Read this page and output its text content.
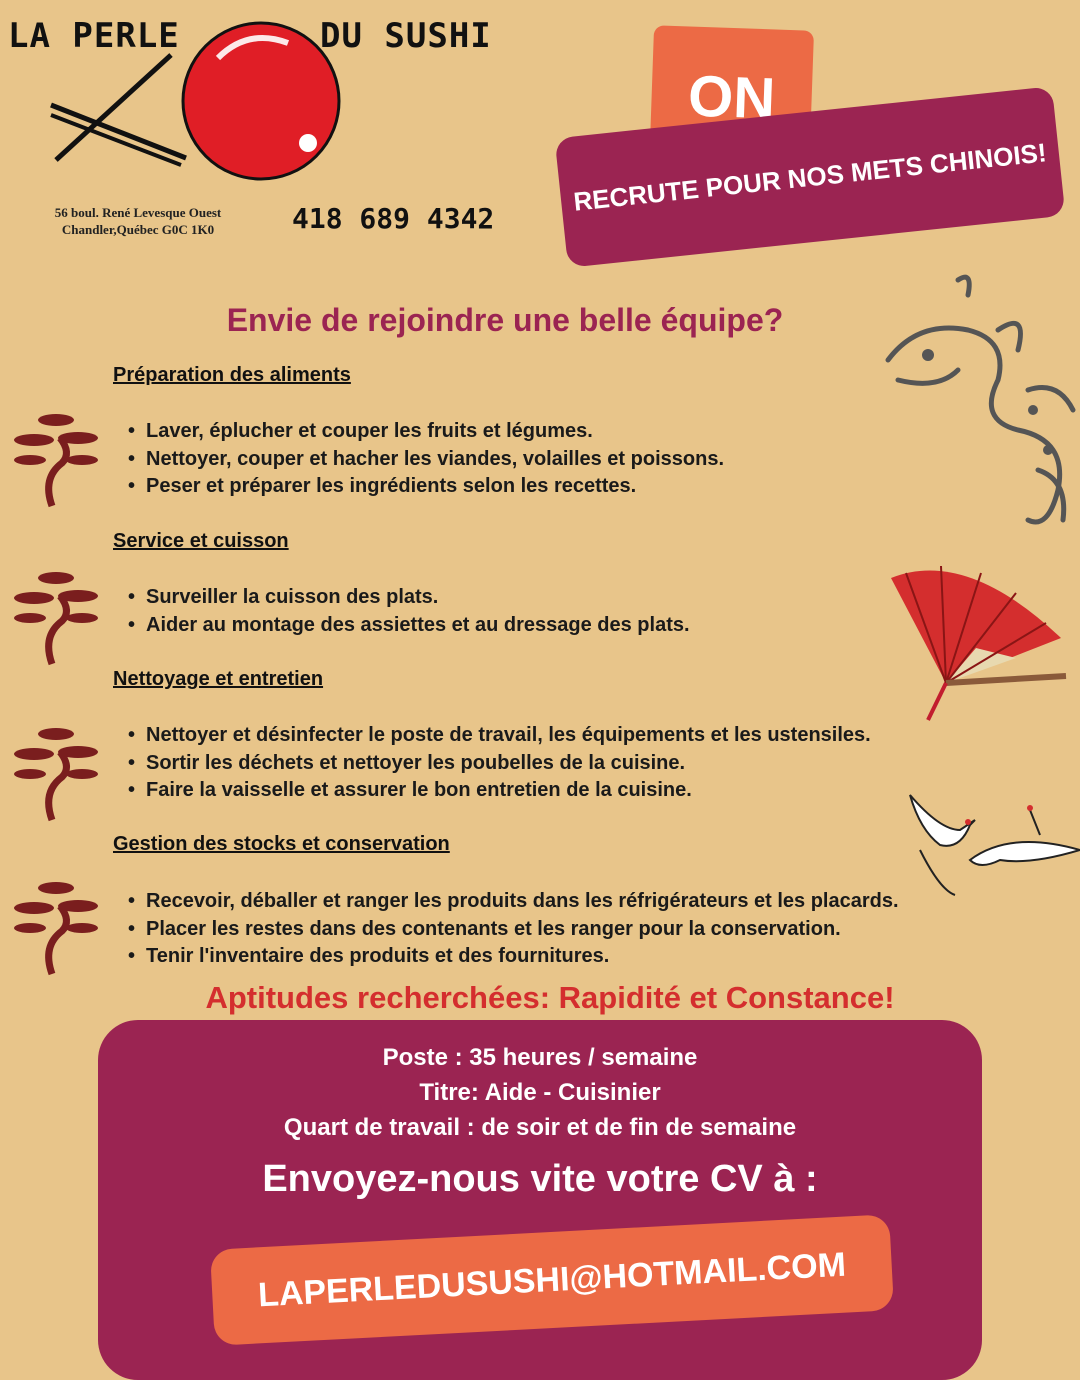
LA PERLE	DU SUSHI
56 boul. René Levesque Ouest
Chandler,Québec G0C 1K0	418 689 4342
ON
RECRUTE POUR NOS METS CHINOIS!
Envie de rejoindre une belle équipe?
Préparation des aliments
• Laver, éplucher et couper les fruits et légumes.
• Nettoyer, couper et hacher les viandes, volailles et poissons.
• Peser et préparer les ingrédients selon les recettes.
Service et cuisson
• Surveiller la cuisson des plats.
• Aider au montage des assiettes et au dressage des plats.
Nettoyage et entretien
• Nettoyer et désinfecter le poste de travail, les équipements et les ustensiles.
• Sortir les déchets et nettoyer les poubelles de la cuisine.
• Faire la vaisselle et assurer le bon entretien de la cuisine.
Gestion des stocks et conservation
• Recevoir, déballer et ranger les produits dans les réfrigérateurs et les placards.
• Placer les restes dans des contenants et les ranger pour la conservation.
• Tenir l'inventaire des produits et des fournitures.
Aptitudes recherchées: Rapidité et Constance!
Poste : 35 heures / semaine
Titre: Aide - Cuisinier
Quart de travail : de soir et de fin de semaine
Envoyez-nous vite votre CV à :
LAPERLEDUSUSHI@HOTMAIL.COM
